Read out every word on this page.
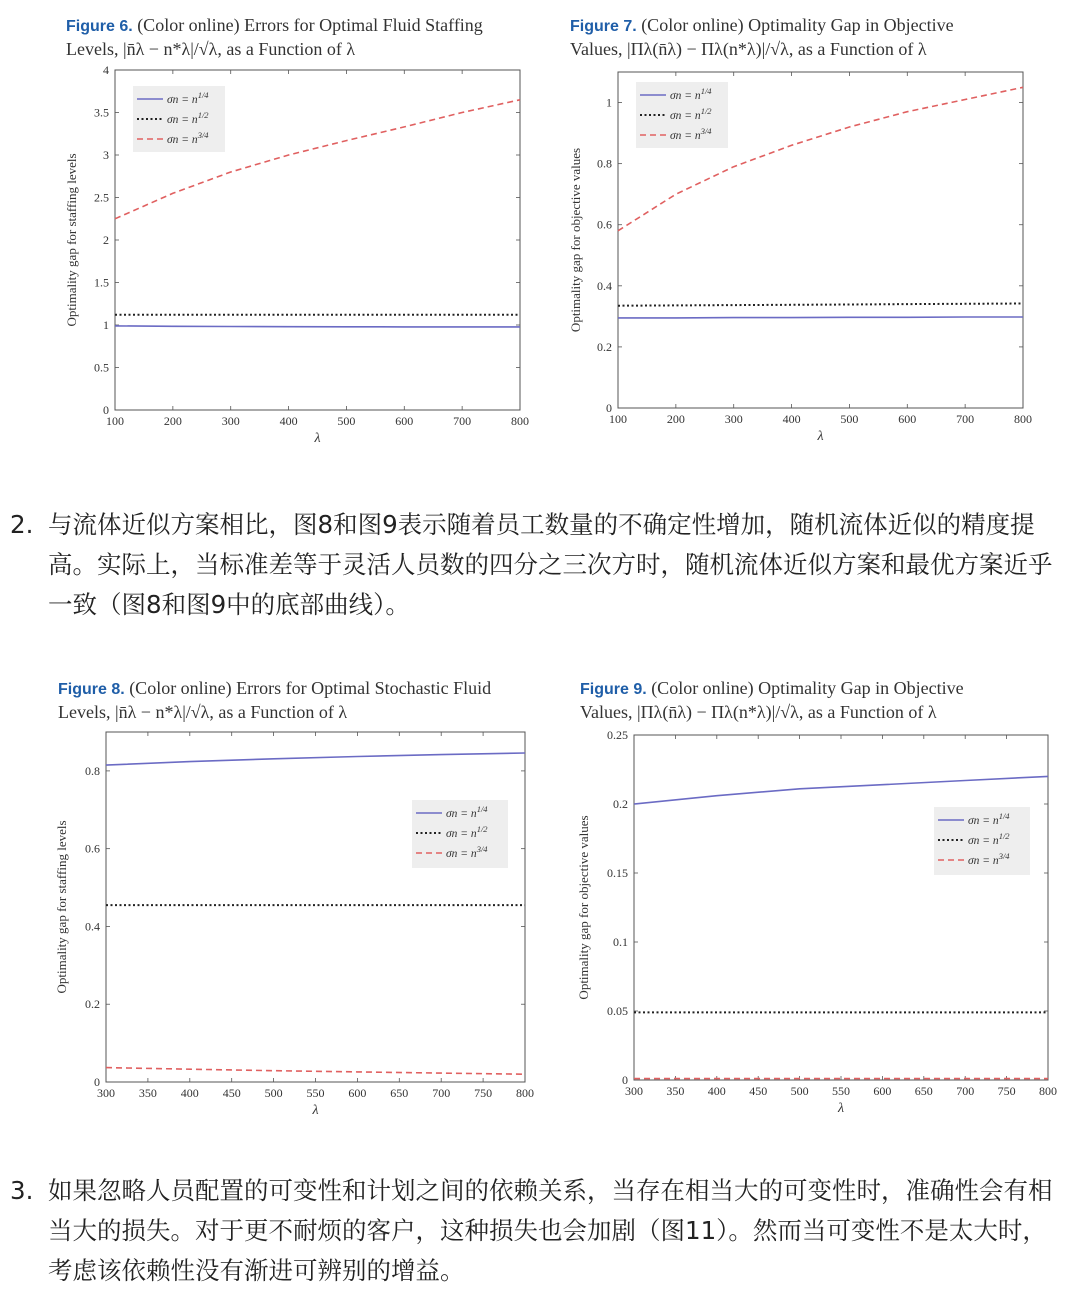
Figure 6. (Color online) Errors for Optimal Fluid Staffing
Levels, |n̄λ − n*λ|/√λ, as a Function of λ
Figure 7. (Color online) Optimality Gap in Objective
Values, |Πλ(n̄λ) − Πλ(n*λ)|/√λ, as a Function of λ
Figure 8. (Color online) Errors for Optimal Stochastic Fluid
Levels, |n̄λ − n*λ|/√λ, as a Function of λ
Figure 9. (Color online) Optimality Gap in Objective
Values, |Πλ(n̄λ) − Πλ(n*λ)|/√λ, as a Function of λ
100	200	300	400	500	600	700	800
0
0.5
1
1.5
2
2.5
3
3.5
4
λ
Optimality gap for staffing levels
$\sigma n = n^{1/4}$
$\sigma n = n^{1/2}$
$\sigma n = n^{3/4}$
100	200	300	400	500	600	700	800
0
0.2
0.4
0.6
0.8
1
λ
Optimality gap for objective values
$\sigma n = n^{1/4}$
$\sigma n = n^{1/2}$
$\sigma n = n^{3/4}$
300 350 400 450 500 550 600 650 700 750 800
0
0.2
0.4
0.6
0.8
λ
Optimality gap for staffing levels
$\sigma n = n^{1/4}$
$\sigma n = n^{1/2}$
$\sigma n = n^{3/4}$
300 350 400 450 500 550 600 650 700 750 800
0
0.05
0.1
0.15
0.2
0.25
λ
Optimality gap for objective values	$\sigma n = n^{1/4}$
$\sigma n = n^{1/2}$
$\sigma n = n^{3/4}$
2. 与流体近似方案相比，图8和图9表示随着员工数量的不确定性增加，随机流体近似的精度提高。实际上，当标准差等于灵活人员数的四分之三次方时，随机流体近似方案和最优方案近乎一致（图8和图9中的底部曲线）。
3. 如果忽略人员配置的可变性和计划之间的依赖关系，当存在相当大的可变性时，准确性会有相当大的损失。对于更不耐烦的客户，这种损失也会加剧（图11）。然而当可变性不是太大时，考虑该依赖性没有渐进可辨别的增益。
